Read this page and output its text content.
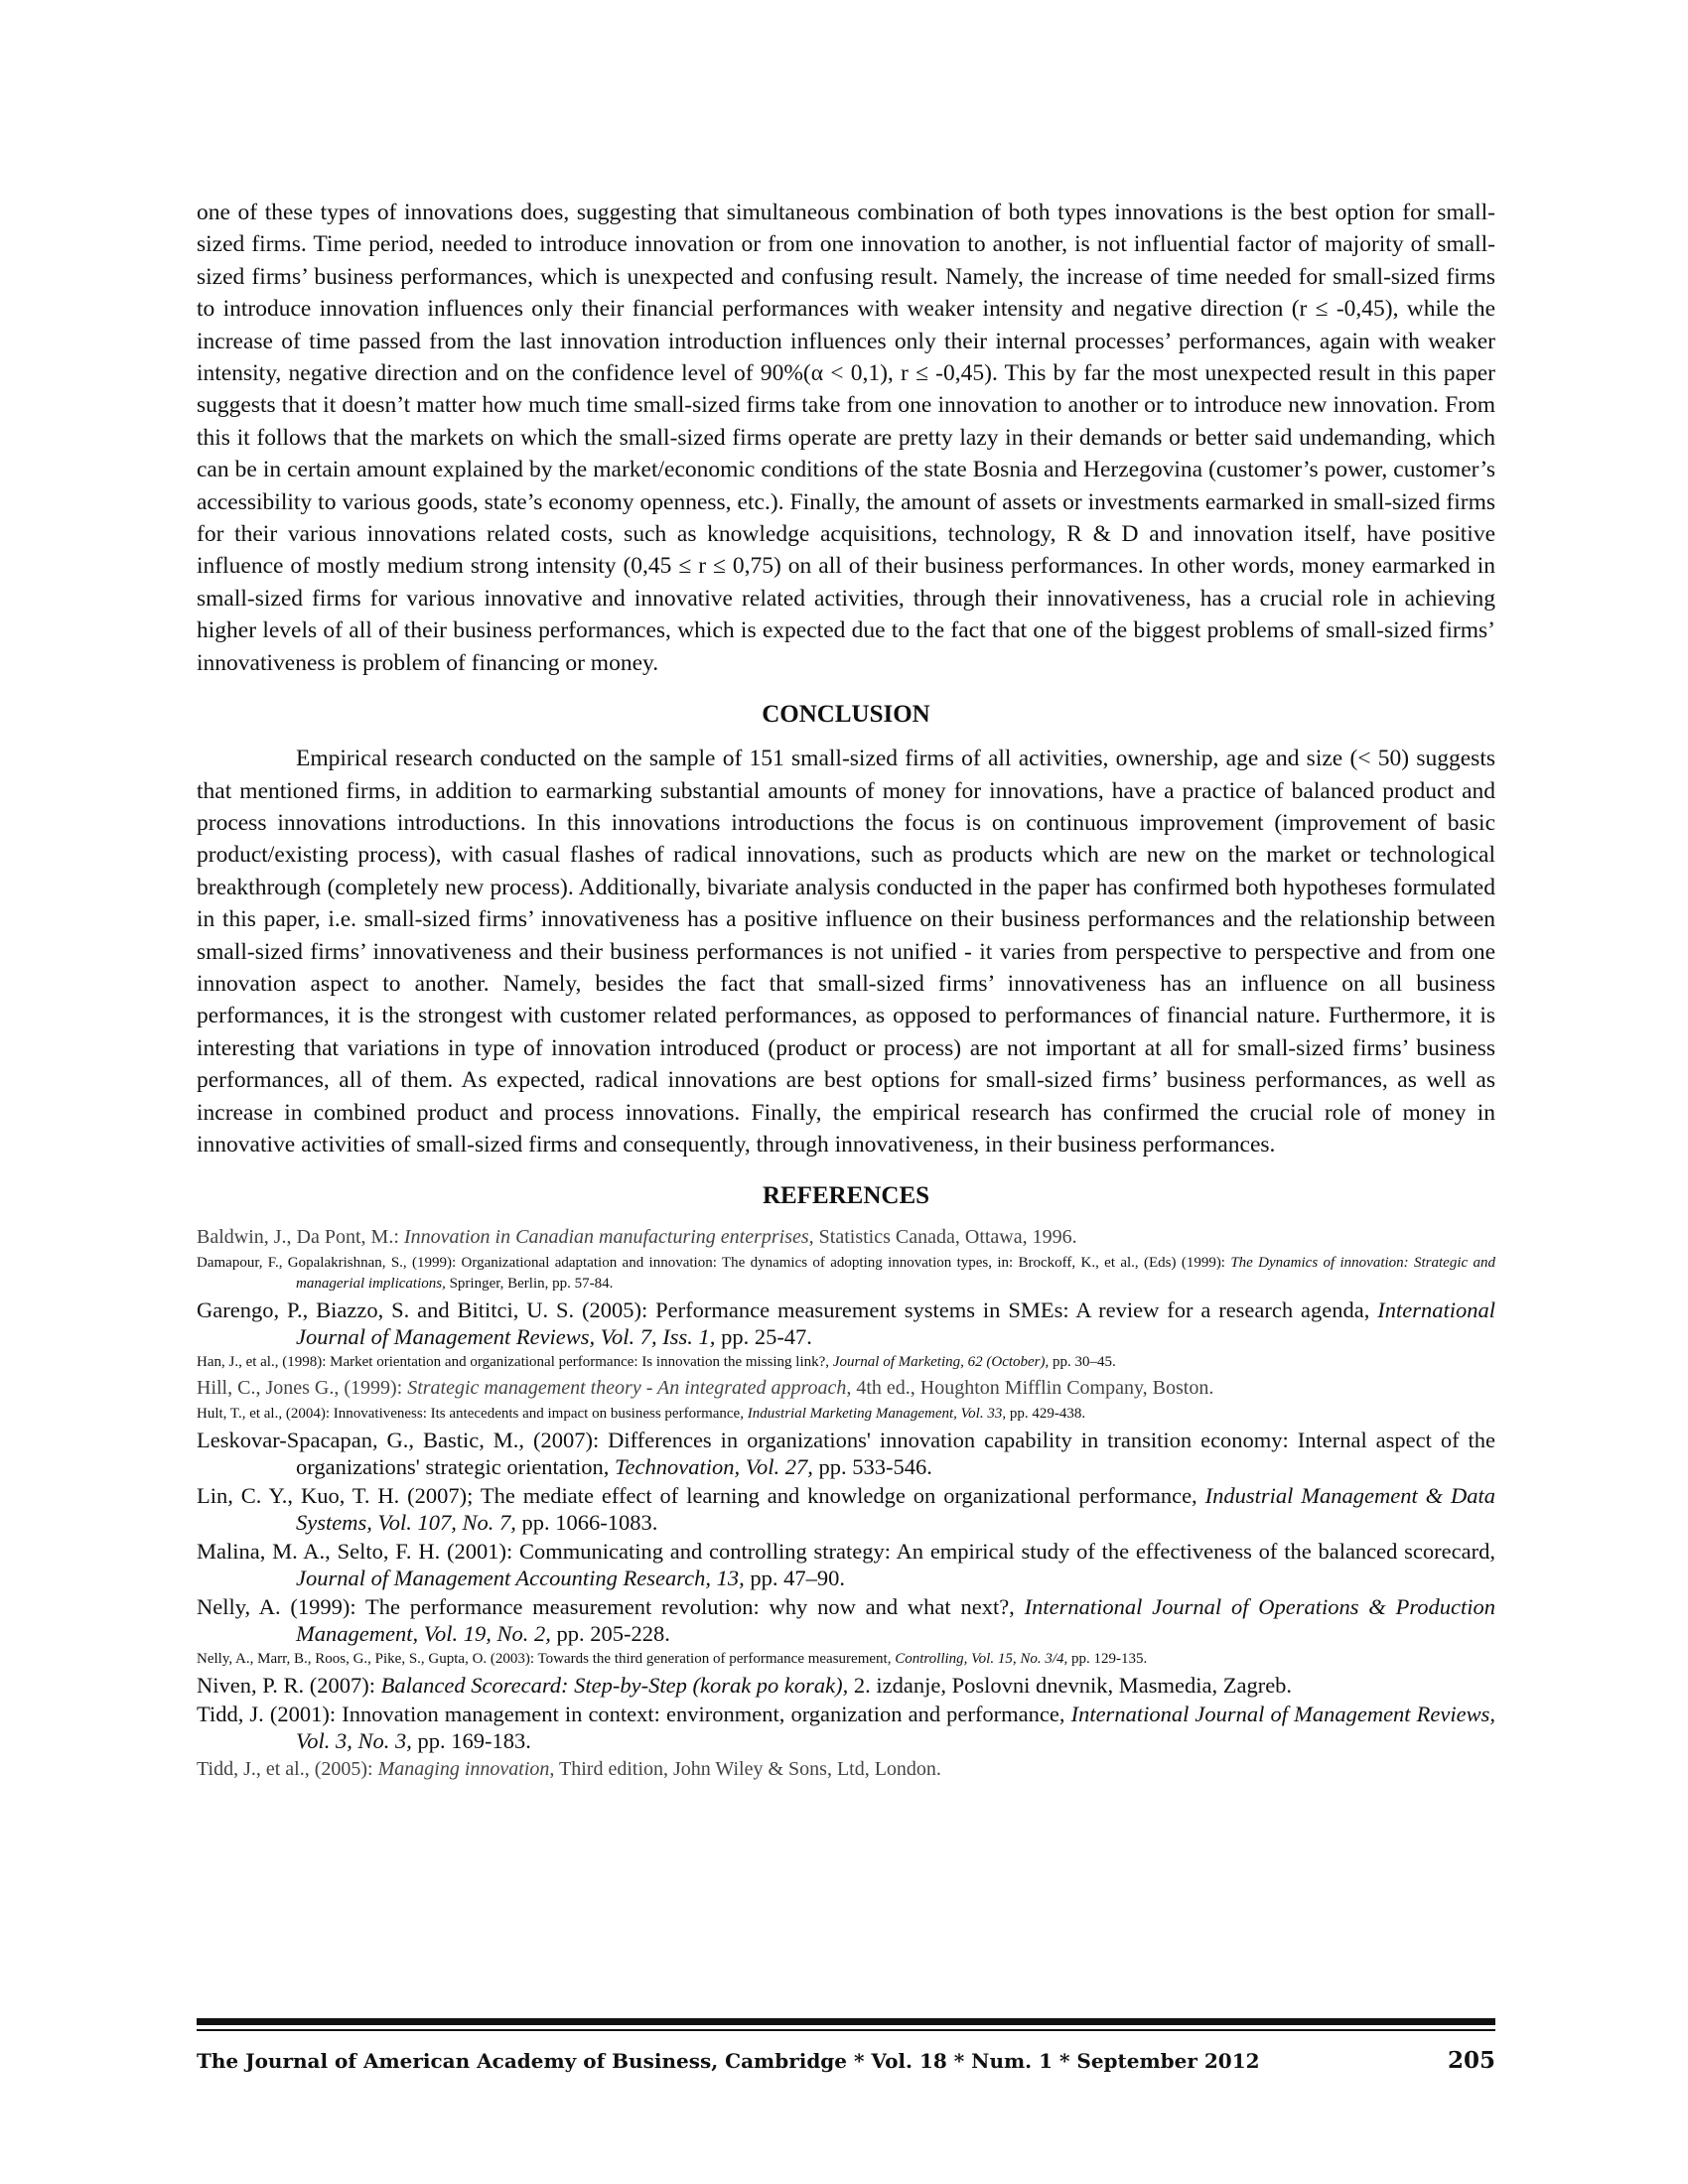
one of these types of innovations does, suggesting that simultaneous combination of both types innovations is the best option for small-sized firms. Time period, needed to introduce innovation or from one innovation to another, is not influential factor of majority of small-sized firms’ business performances, which is unexpected and confusing result. Namely, the increase of time needed for small-sized firms to introduce innovation influences only their financial performances with weaker intensity and negative direction (r ≤ -0,45), while the increase of time passed from the last innovation introduction influences only their internal processes’ performances, again with weaker intensity, negative direction and on the confidence level of 90%(α < 0,1), r ≤ -0,45). This by far the most unexpected result in this paper suggests that it doesn’t matter how much time small-sized firms take from one innovation to another or to introduce new innovation. From this it follows that the markets on which the small-sized firms operate are pretty lazy in their demands or better said undemanding, which can be in certain amount explained by the market/economic conditions of the state Bosnia and Herzegovina (customer’s power, customer’s accessibility to various goods, state’s economy openness, etc.). Finally, the amount of assets or investments earmarked in small-sized firms for their various innovations related costs, such as knowledge acquisitions, technology, R & D and innovation itself, have positive influence of mostly medium strong intensity (0,45 ≤ r ≤ 0,75) on all of their business performances. In other words, money earmarked in small-sized firms for various innovative and innovative related activities, through their innovativeness, has a crucial role in achieving higher levels of all of their business performances, which is expected due to the fact that one of the biggest problems of small-sized firms’ innovativeness is problem of financing or money.

CONCLUSION

Empirical research conducted on the sample of 151 small-sized firms of all activities, ownership, age and size (< 50) suggests that mentioned firms, in addition to earmarking substantial amounts of money for innovations, have a practice of balanced product and process innovations introductions. In this innovations introductions the focus is on continuous improvement (improvement of basic product/existing process), with casual flashes of radical innovations, such as products which are new on the market or technological breakthrough (completely new process). Additionally, bivariate analysis conducted in the paper has confirmed both hypotheses formulated in this paper, i.e. small-sized firms’ innovativeness has a positive influence on their business performances and the relationship between small-sized firms’ innovativeness and their business performances is not unified - it varies from perspective to perspective and from one innovation aspect to another. Namely, besides the fact that small-sized firms’ innovativeness has an influence on all business performances, it is the strongest with customer related performances, as opposed to performances of financial nature. Furthermore, it is interesting that variations in type of innovation introduced (product or process) are not important at all for small-sized firms’ business performances, all of them. As expected, radical innovations are best options for small-sized firms’ business performances, as well as increase in combined product and process innovations. Finally, the empirical research has confirmed the crucial role of money in innovative activities of small-sized firms and consequently, through innovativeness, in their business performances.

REFERENCES

Baldwin, J., Da Pont, M.: Innovation in Canadian manufacturing enterprises, Statistics Canada, Ottawa, 1996.

Damapour, F., Gopalakrishnan, S., (1999): Organizational adaptation and innovation: The dynamics of adopting innovation types, in: Brockoff, K., et al., (Eds) (1999): The Dynamics of innovation: Strategic and managerial implications, Springer, Berlin, pp. 57-84.

Garengo, P., Biazzo, S. and Bititci, U. S. (2005): Performance measurement systems in SMEs: A review for a research agenda, International Journal of Management Reviews, Vol. 7, Iss. 1, pp. 25-47.

Han, J., et al., (1998): Market orientation and organizational performance: Is innovation the missing link?, Journal of Marketing, 62 (October), pp. 30–45.

Hill, C., Jones G., (1999): Strategic management theory - An integrated approach, 4th ed., Houghton Mifflin Company, Boston.

Hult, T., et al., (2004): Innovativeness: Its antecedents and impact on business performance, Industrial Marketing Management, Vol. 33, pp. 429-438.

Leskovar-Spacapan, G., Bastic, M., (2007): Differences in organizations' innovation capability in transition economy: Internal aspect of the organizations' strategic orientation, Technovation, Vol. 27, pp. 533-546.

Lin, C. Y., Kuo, T. H. (2007); The mediate effect of learning and knowledge on organizational performance, Industrial Management & Data Systems, Vol. 107, No. 7, pp. 1066-1083.

Malina, M. A., Selto, F. H. (2001): Communicating and controlling strategy: An empirical study of the effectiveness of the balanced scorecard, Journal of Management Accounting Research, 13, pp. 47–90.

Nelly, A. (1999): The performance measurement revolution: why now and what next?, International Journal of Operations & Production Management, Vol. 19, No. 2, pp. 205-228.

Nelly, A., Marr, B., Roos, G., Pike, S., Gupta, O. (2003): Towards the third generation of performance measurement, Controlling, Vol. 15, No. 3/4, pp. 129-135.

Niven, P. R. (2007): Balanced Scorecard: Step-by-Step (korak po korak), 2. izdanje, Poslovni dnevnik, Masmedia, Zagreb.

Tidd, J. (2001): Innovation management in context: environment, organization and performance, International Journal of Management Reviews, Vol. 3, No. 3, pp. 169-183.

Tidd, J., et al., (2005): Managing innovation, Third edition, John Wiley & Sons, Ltd, London.

The Journal of American Academy of Business, Cambridge * Vol. 18 * Num. 1 * September 2012	205
